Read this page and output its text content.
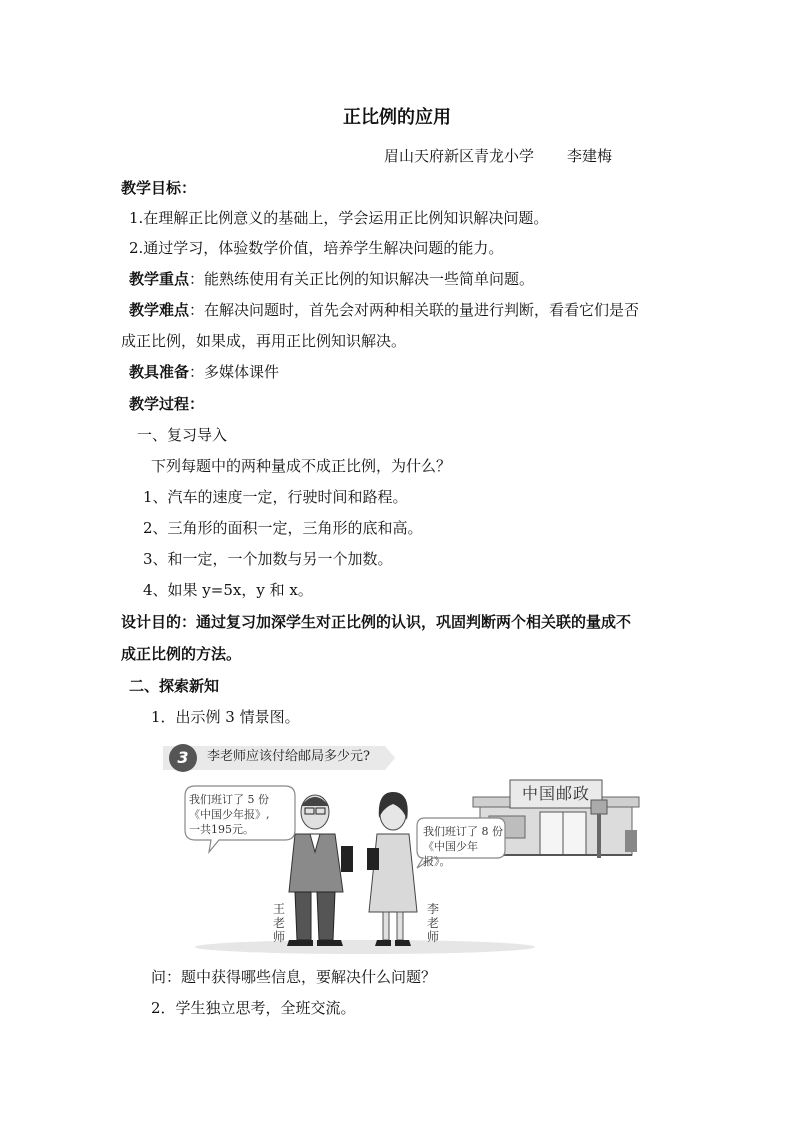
正比例的应用
眉山天府新区青龙小学 李建梅
教学目标：
1.在理解正比例意义的基础上，学会运用正比例知识解决问题。
2.通过学习，体验数学价值，培养学生解决问题的能力。
教学重点：能熟练使用有关正比例的知识解决一些简单问题。
教学难点：在解决问题时，首先会对两种相关联的量进行判断，看看它们是否
成正比例，如果成，再用正比例知识解决。
教具准备：多媒体课件
教学过程：
一、复习导入
下列每题中的两种量成不成正比例，为什么？
1、汽车的速度一定，行驶时间和路程。
2、三角形的面积一定，三角形的底和高。
3、和一定，一个加数与另一个加数。
4、如果 y=5x，y 和 x。
设计目的：通过复习加深学生对正比例的认识，巩固判断两个相关联的量成不
成正比例的方法。
二、探索新知
1．出示例 3 情景图。
3 李老师应该付给邮局多少元?
中国邮政
我们班订了 5 份
《中国少年报》,
一共195元。	我们班订了 8 份
《中国少年报》。
王
老
师
李
老
师
问：题中获得哪些信息，要解决什么问题？
2．学生独立思考，全班交流。
